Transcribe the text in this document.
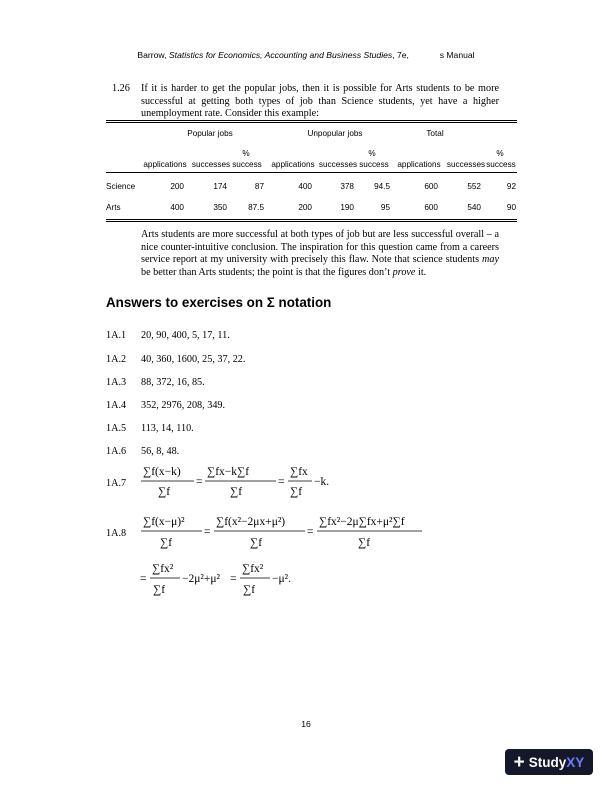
Barrow, Statistics for Economics, Accounting and Business Studies, 7e,	s Manual
1.26 If it is harder to get the popular jobs, then it is possible for Arts students to be more successful at getting both types of job than Science students, yet have a higher unemployment rate. Consider this example:
Popular jobs	Unpopular jobs	Total
%	%	%
applications successes success	applications successes success	applications successes success
Science	200	174	87	400	378	94.5	600	552	92
Arts	400	350	87.5	200	190	95	600	540	90
Arts students are more successful at both types of job but are less successful overall – a nice counter-intuitive conclusion. The inspiration for this question came from a careers service report at my university with precisely this flaw. Note that science students may be better than Arts students; the point is that the figures don’t prove it.
Answers to exercises on Σ notation
1A.1 20, 90, 400, 5, 17, 11.
1A.2 40, 360, 1600, 25, 37, 22.
1A.3 88, 372, 16, 85.
1A.4 352, 2976, 208, 349.
1A.5 113, 14, 110.
1A.6 56, 8, 48.
1A.7
∑f(x−k)
∑f
=
∑fx−k∑f
∑f
=
∑fx
∑f
−k.
1A.8
∑f(x−μ)²
∑f
=
∑f(x²−2μx+μ²)
∑f
=
∑fx²−2μ∑fx+μ²∑f
∑f
=
∑fx²
∑f
−2μ²+μ² =
∑fx²
∑f
−μ².
16
+ Study XY
